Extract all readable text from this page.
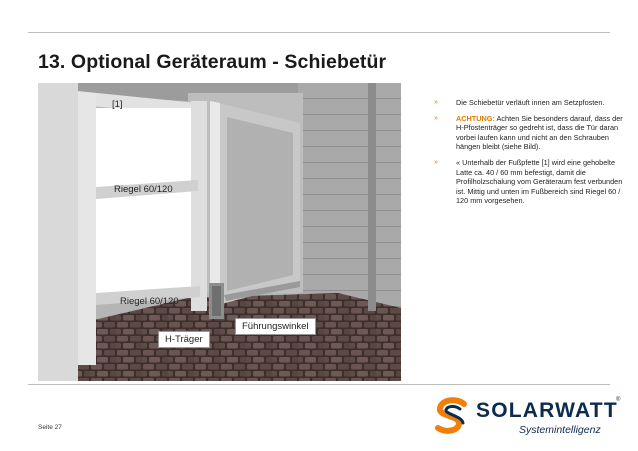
13. Optional Geräteraum - Schiebetür
[1]
Riegel 60/120
Riegel 60/120
Führungswinkel
H-Träger
» Die Schiebetür verläuft innen am Setzpfosten.
» ACHTUNG: Achten Sie besonders darauf, dass der H-Pfostenträger so gedreht ist, dass die Tür daran vorbei laufen kann und nicht an den Schrauben hängen bleibt (siehe Bild).
» « Unterhalb der Fußpfette [1] wird eine gehobelte Latte ca. 40 / 60 mm befestigt, damit die Profilholzschalung vom Geräteraum fest verbunden ist. Mittig und unten im Fußbereich sind Riegel 60 / 120 mm vorgesehen.
Seite 27
SOLARWATT
®
Systemintelligenz
